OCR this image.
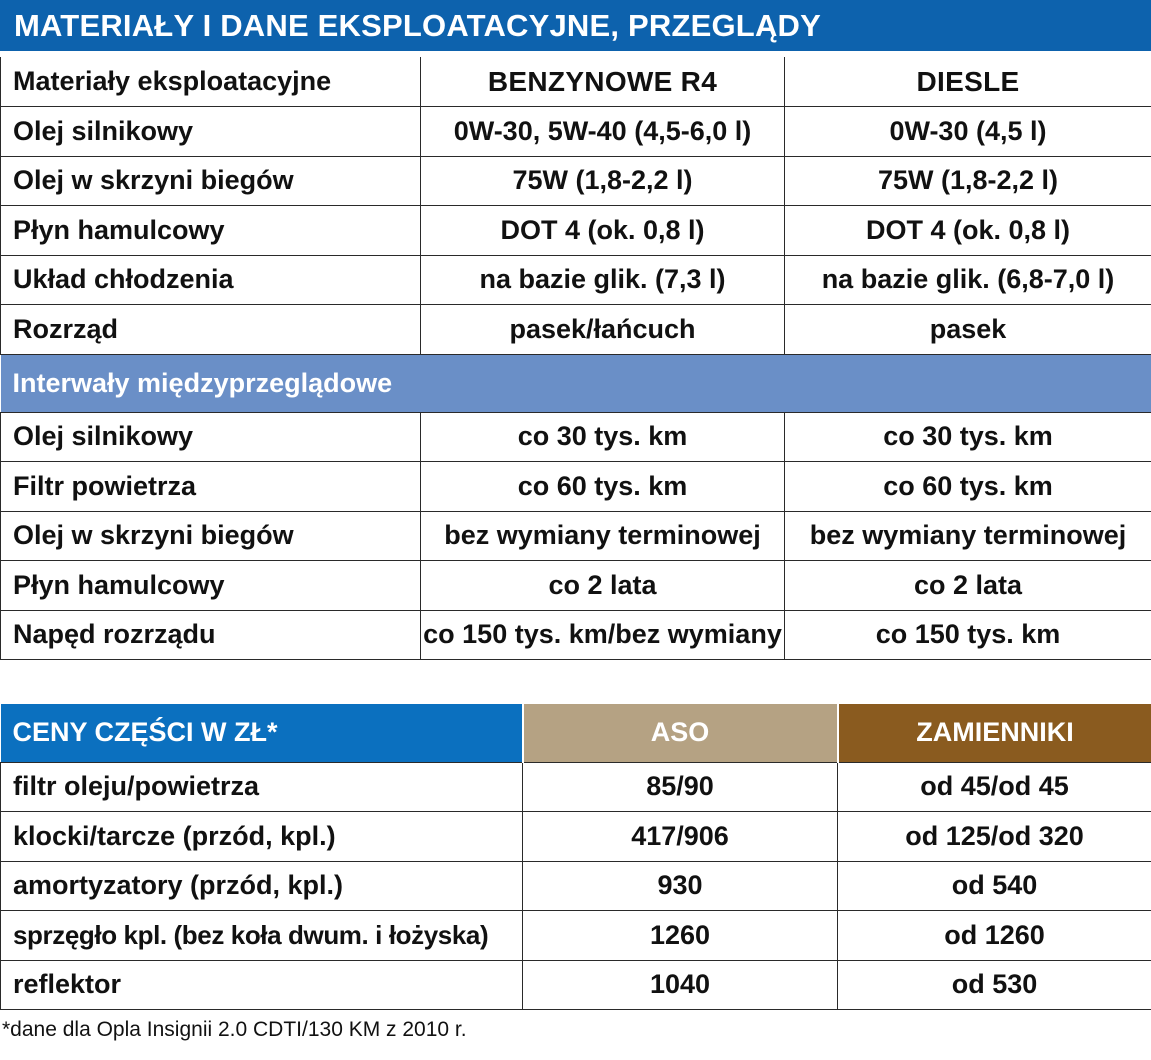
MATERIAŁY I DANE EKSPLOATACYJNE, PRZEGLĄDY
Materiały eksploatacyjne	BENZYNOWE R4	DIESLE
Olej silnikowy	0W-30, 5W-40 (4,5-6,0 l)	0W-30 (4,5 l)
Olej w skrzyni biegów	75W (1,8-2,2 l)	75W (1,8-2,2 l)
Płyn hamulcowy	DOT 4 (ok. 0,8 l)	DOT 4 (ok. 0,8 l)
Układ chłodzenia	na bazie glik. (7,3 l)	na bazie glik. (6,8-7,0 l)
Rozrząd	pasek/łańcuch	pasek
Interwały międzyprzeglądowe		
Olej silnikowy	co 30 tys. km	co 30 tys. km
Filtr powietrza	co 60 tys. km	co 60 tys. km
Olej w skrzyni biegów	bez wymiany terminowej	bez wymiany terminowej
Płyn hamulcowy	co 2 lata	co 2 lata
Napęd rozrządu	co 150 tys. km/bez wymiany	co 150 tys. km
CENY CZĘŚCI W ZŁ*	ASO	ZAMIENNIKI
filtr oleju/powietrza	85/90	od 45/od 45
klocki/tarcze (przód, kpl.)	417/906	od 125/od 320
amortyzatory (przód, kpl.)	930	od 540
sprzęgło kpl. (bez koła dwum. i łożyska)	1260	od 1260
reflektor	1040	od 530
*dane dla Opla Insignii 2.0 CDTI/130 KM z 2010 r.
